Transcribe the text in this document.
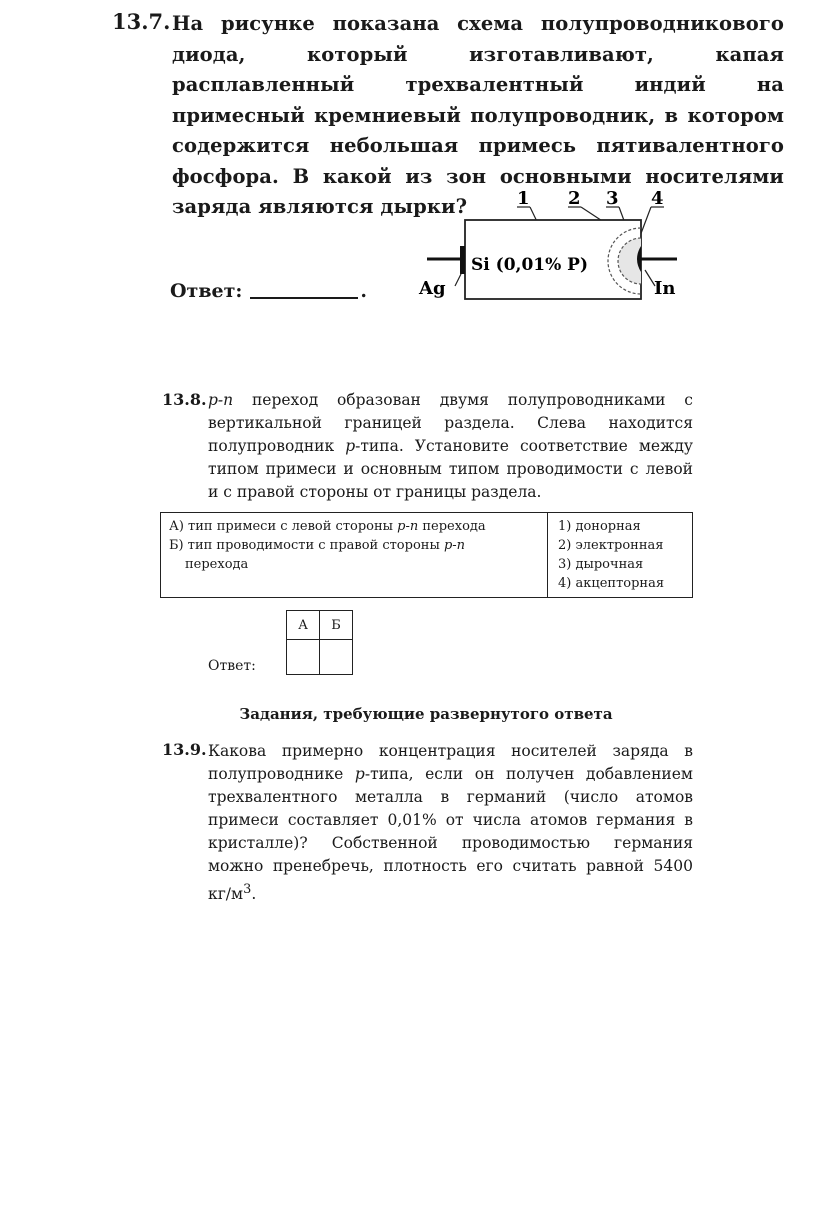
13.7. На рисунке показана схема полупроводникового диода, который изготавливают, капая расплавленный трехвалентный индий на примесный кремниевый полупроводник, в котором содержится небольшая примесь пятивалентного фосфора. В какой из зон основными носителями заряда являются дырки?
Ответ:	.
1 2 3 4
Ag	In
Si (0,01% P)
13.8. p-n переход образован двумя полупроводниками с вертикальной границей раздела. Слева находится полупроводник p-типа. Установите соответствие между типом примеси и основным типом проводимости с левой и с правой стороны от границы раздела.
А) тип примеси с левой стороны p-n перехода
Б) тип проводимости с правой стороны p-n
перехода
1) донорная
2) электронная
3) дырочная
4) акцепторная
А	Б

Ответ:
Задания, требующие развернутого ответа
13.9. Какова примерно концентрация носителей заряда в полупроводнике p-типа, если он получен добавлением трехвалентного металла в германий (число атомов примеси составляет 0,01% от числа атомов германия в кристалле)? Собственной проводимостью германия можно пренебречь, плотность его считать равной 5400 $кг/м^3$.
